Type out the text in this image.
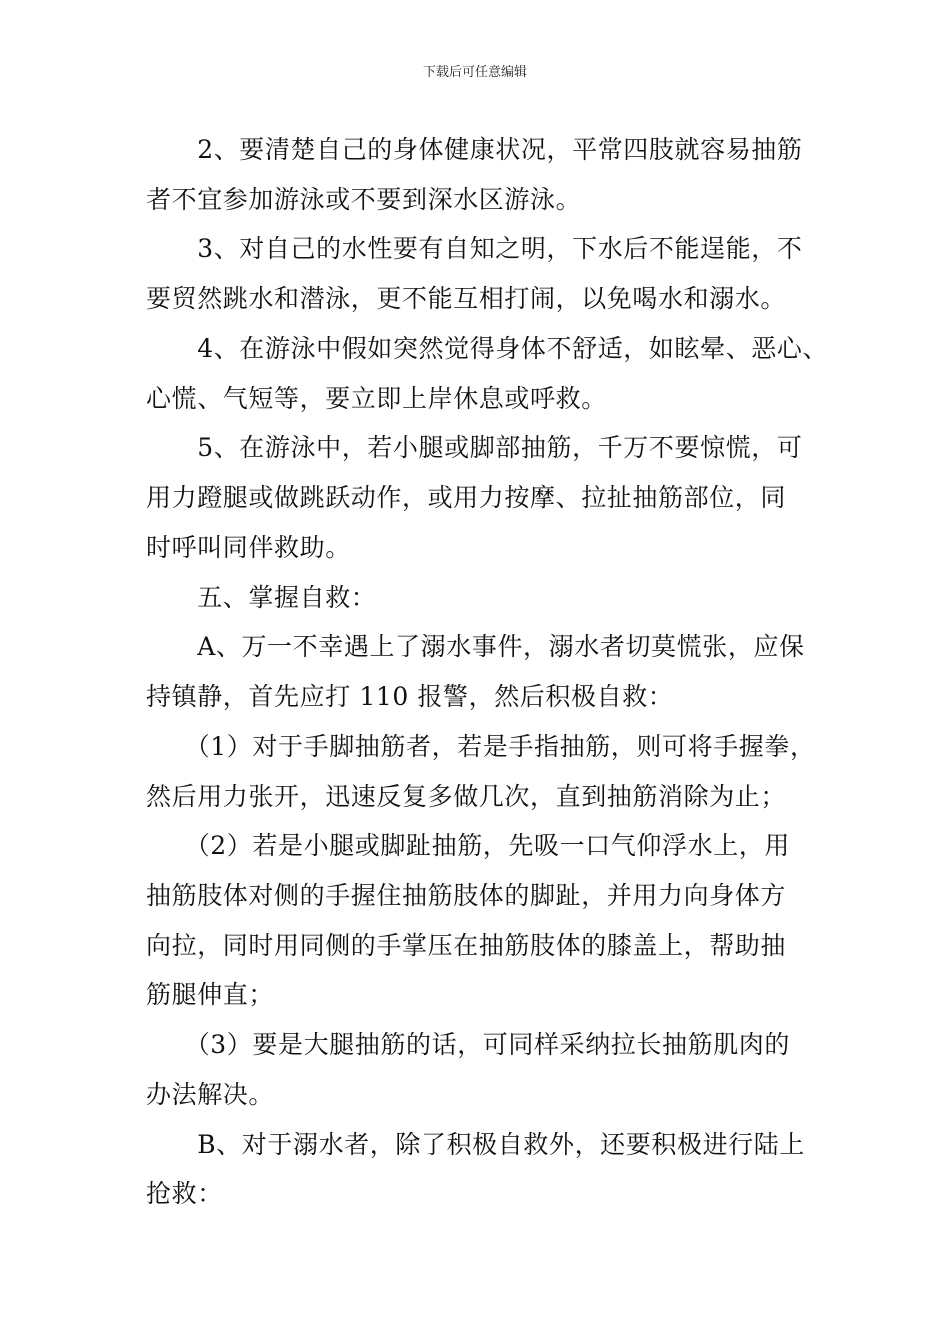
下载后可任意编辑
　　2、要清楚自己的身体健康状况，平常四肢就容易抽筋
者不宜参加游泳或不要到深水区游泳。
　　3、对自己的水性要有自知之明，下水后不能逞能，不
要贸然跳水和潜泳，更不能互相打闹，以免喝水和溺水。
　　4、在游泳中假如突然觉得身体不舒适，如眩晕、恶心、
心慌、气短等，要立即上岸休息或呼救。
　　5、在游泳中，若小腿或脚部抽筋，千万不要惊慌，可
用力蹬腿或做跳跃动作，或用力按摩、拉扯抽筋部位，同
时呼叫同伴救助。
　　五、掌握自救：
　　A、万一不幸遇上了溺水事件，溺水者切莫慌张，应保
持镇静，首先应打 110 报警，然后积极自救：
　　（1）对于手脚抽筋者，若是手指抽筋，则可将手握拳，
然后用力张开，迅速反复多做几次，直到抽筋消除为止；
　　（2）若是小腿或脚趾抽筋，先吸一口气仰浮水上，用
抽筋肢体对侧的手握住抽筋肢体的脚趾，并用力向身体方
向拉，同时用同侧的手掌压在抽筋肢体的膝盖上，帮助抽
筋腿伸直；
　　（3）要是大腿抽筋的话，可同样采纳拉长抽筋肌肉的
办法解决。
　　B、对于溺水者，除了积极自救外，还要积极进行陆上
抢救：
